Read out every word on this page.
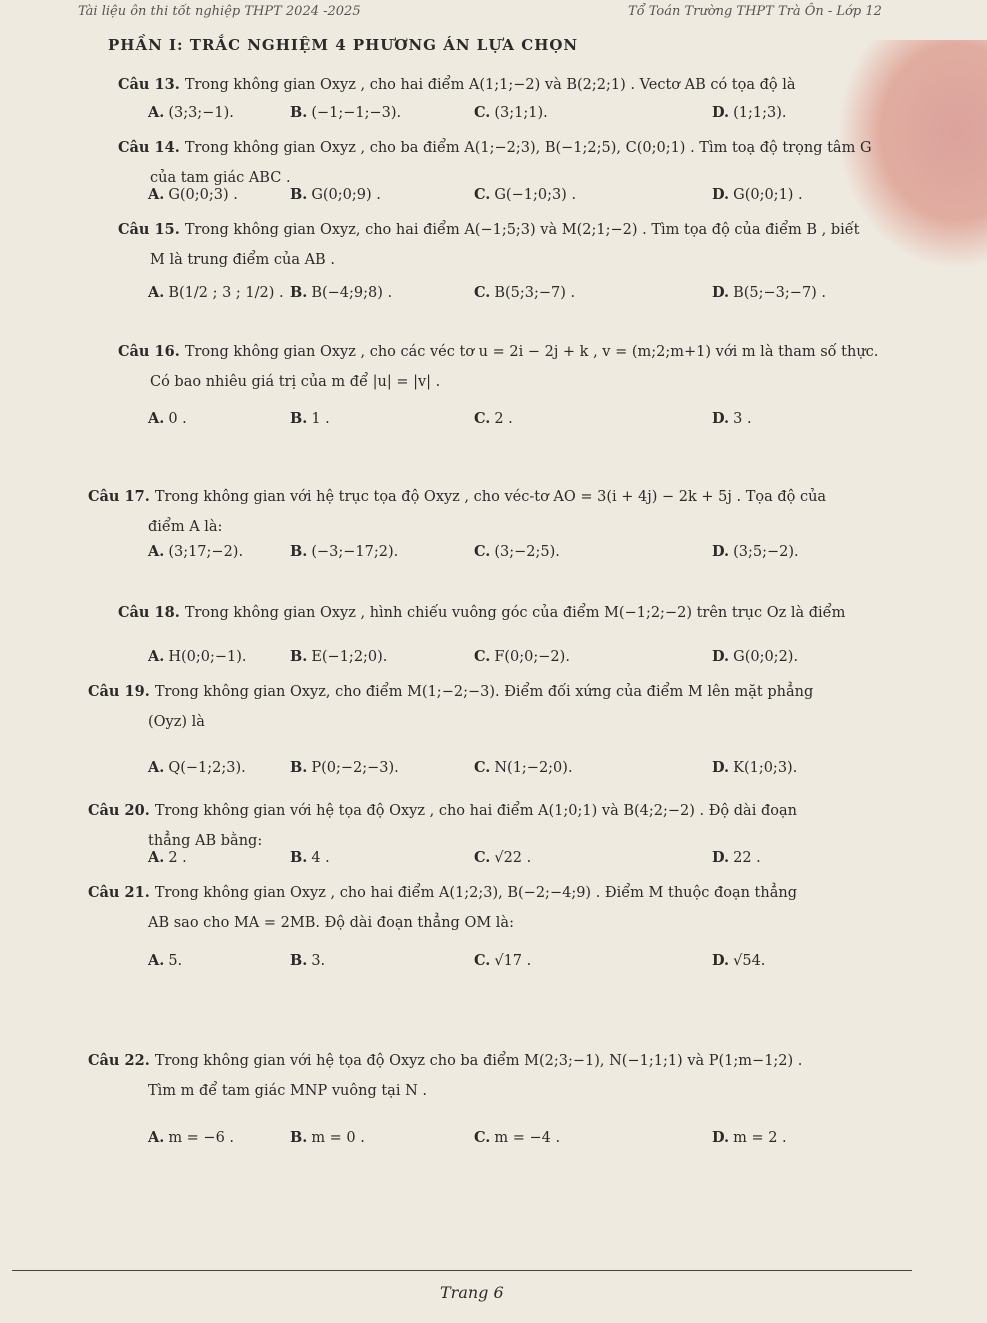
Tài liệu ôn thi tốt nghiệp THPT 2024 -2025	Tổ Toán Trường THPT Trà Ôn - Lớp 12
PHẦN I: TRẮC NGHIỆM 4 PHƯƠNG ÁN LỰA CHỌN
Câu 13. Trong không gian Oxyz , cho hai điểm A(1;1;−2) và B(2;2;1) . Vectơ AB có tọa độ là
A. (3;3;−1).	B. (−1;−1;−3).	C. (3;1;1).	D. (1;1;3).
Câu 14. Trong không gian Oxyz , cho ba điểm A(1;−2;3), B(−1;2;5), C(0;0;1) . Tìm toạ độ trọng tâm G
của tam giác ABC .
A. G(0;0;3) .	B. G(0;0;9) .	C. G(−1;0;3) .	D. G(0;0;1) .
Câu 15. Trong không gian Oxyz, cho hai điểm A(−1;5;3) và M(2;1;−2) . Tìm tọa độ của điểm B , biết
M là trung điểm của AB .
A. B(1/2 ; 3 ; 1/2) . B. B(−4;9;8) .	C. B(5;3;−7) .	D. B(5;−3;−7) .
Câu 16. Trong không gian Oxyz , cho các véc tơ u = 2i − 2j + k , v = (m;2;m+1) với m là tham số thực.
Có bao nhiêu giá trị của m để |u| = |v| .
A. 0 .	B. 1 .	C. 2 .	D. 3 .
Câu 17. Trong không gian với hệ trục tọa độ Oxyz , cho véc-tơ AO = 3(i + 4j) − 2k + 5j . Tọa độ của
điểm A là:
A. (3;17;−2).	B. (−3;−17;2).	C. (3;−2;5).	D. (3;5;−2).
Câu 18. Trong không gian Oxyz , hình chiếu vuông góc của điểm M(−1;2;−2) trên trục Oz là điểm
A. H(0;0;−1).	B. E(−1;2;0).	C. F(0;0;−2).	D. G(0;0;2).
Câu 19. Trong không gian Oxyz, cho điểm M(1;−2;−3). Điểm đối xứng của điểm M lên mặt phẳng
(Oyz) là
A. Q(−1;2;3).	B. P(0;−2;−3).	C. N(1;−2;0).	D. K(1;0;3).
Câu 20. Trong không gian với hệ tọa độ Oxyz , cho hai điểm A(1;0;1) và B(4;2;−2) . Độ dài đoạn
thẳng AB bằng:
A. 2 .	B. 4 .	C. √22 .	D. 22 .
Câu 21. Trong không gian Oxyz , cho hai điểm A(1;2;3), B(−2;−4;9) . Điểm M thuộc đoạn thẳng
AB sao cho MA = 2MB. Độ dài đoạn thẳng OM là:
A. 5.	B. 3.	C. √17 .	D. √54.
Câu 22. Trong không gian với hệ tọa độ Oxyz cho ba điểm M(2;3;−1), N(−1;1;1) và P(1;m−1;2) .
Tìm m để tam giác MNP vuông tại N .
A. m = −6 .	B. m = 0 .	C. m = −4 .	D. m = 2 .
Trang 6
